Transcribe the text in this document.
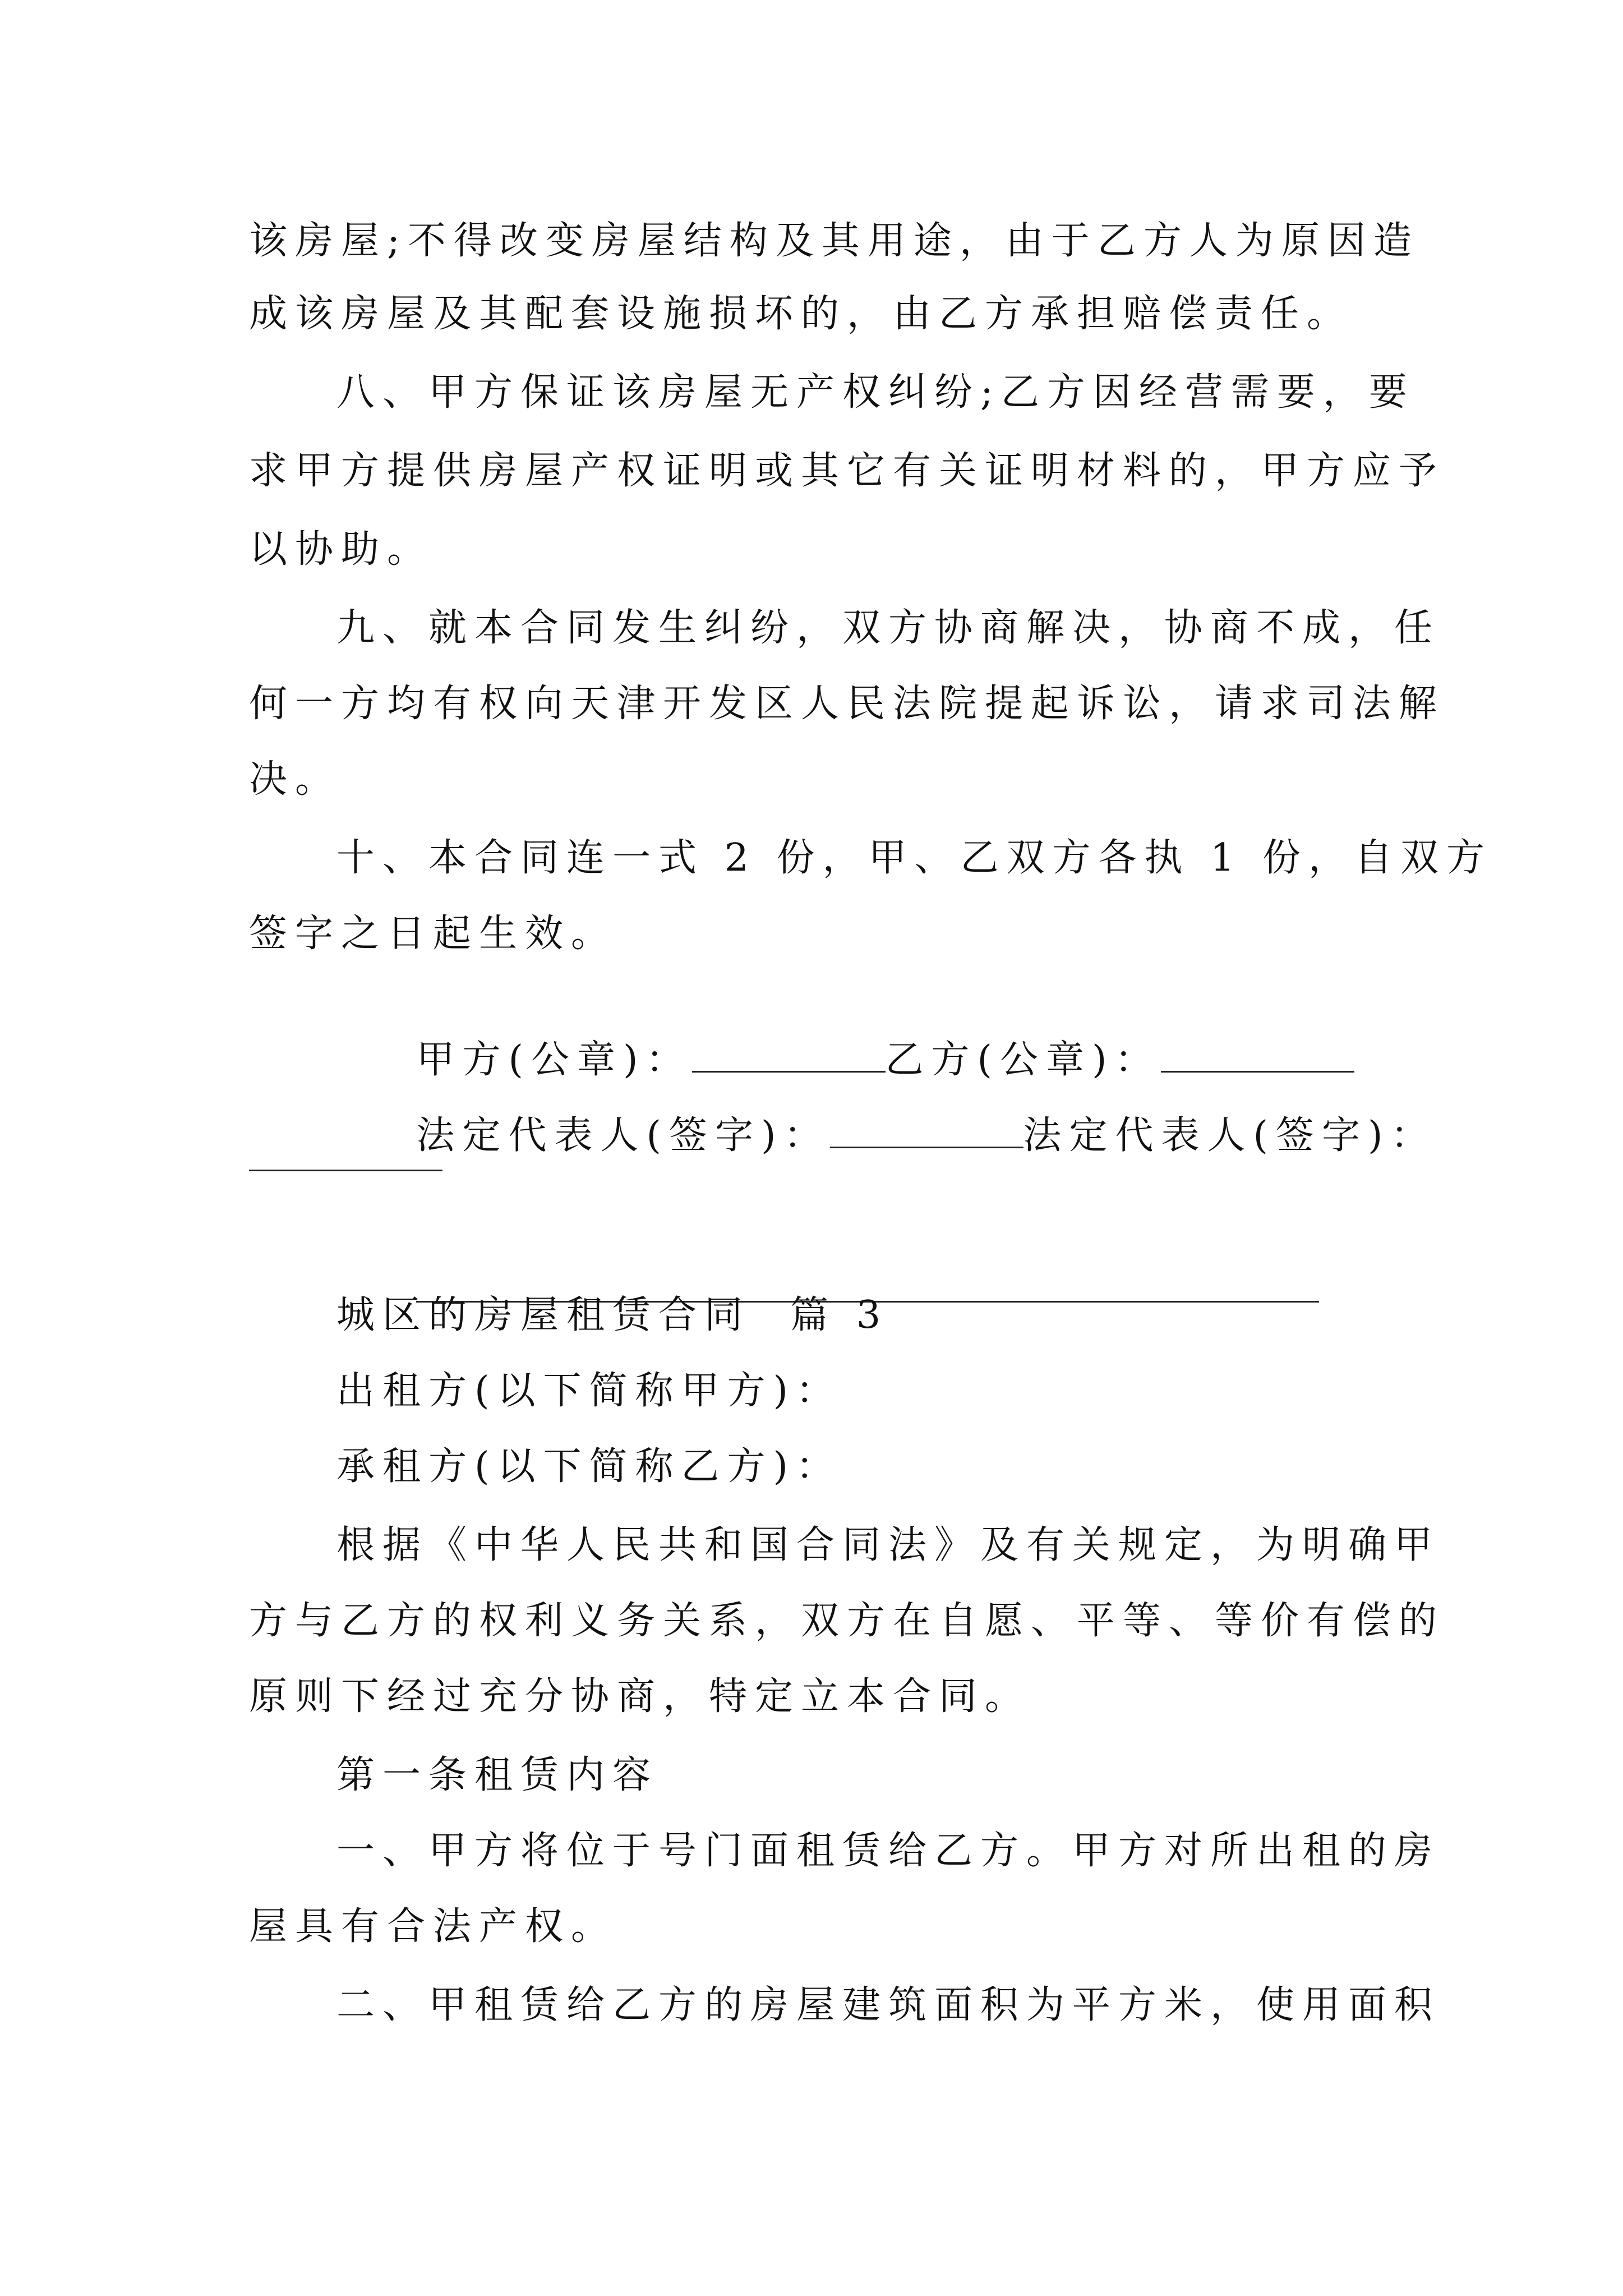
该房屋;不得改变房屋结构及其用途，由于乙方人为原因造
成该房屋及其配套设施损坏的，由乙方承担赔偿责任。
八、甲方保证该房屋无产权纠纷;乙方因经营需要，要
求甲方提供房屋产权证明或其它有关证明材料的，甲方应予
以协助。
九、就本合同发生纠纷，双方协商解决，协商不成，任
何一方均有权向天津开发区人民法院提起诉讼，请求司法解
决。
十、本合同连一式 2 份，甲、乙双方各执 1 份，自双方
签字之日起生效。

甲方(公章)：	乙方(公章)：

法定代表人(签字)：	法定代表人(签字)：

城区的房屋租赁合同  篇 3
出租方(以下简称甲方)：
承租方(以下简称乙方)：
根据《中华人民共和国合同法》及有关规定，为明确甲
方与乙方的权利义务关系，双方在自愿、平等、等价有偿的
原则下经过充分协商，特定立本合同。
第一条租赁内容
一、甲方将位于号门面租赁给乙方。甲方对所出租的房
屋具有合法产权。
二、甲租赁给乙方的房屋建筑面积为平方米，使用面积
